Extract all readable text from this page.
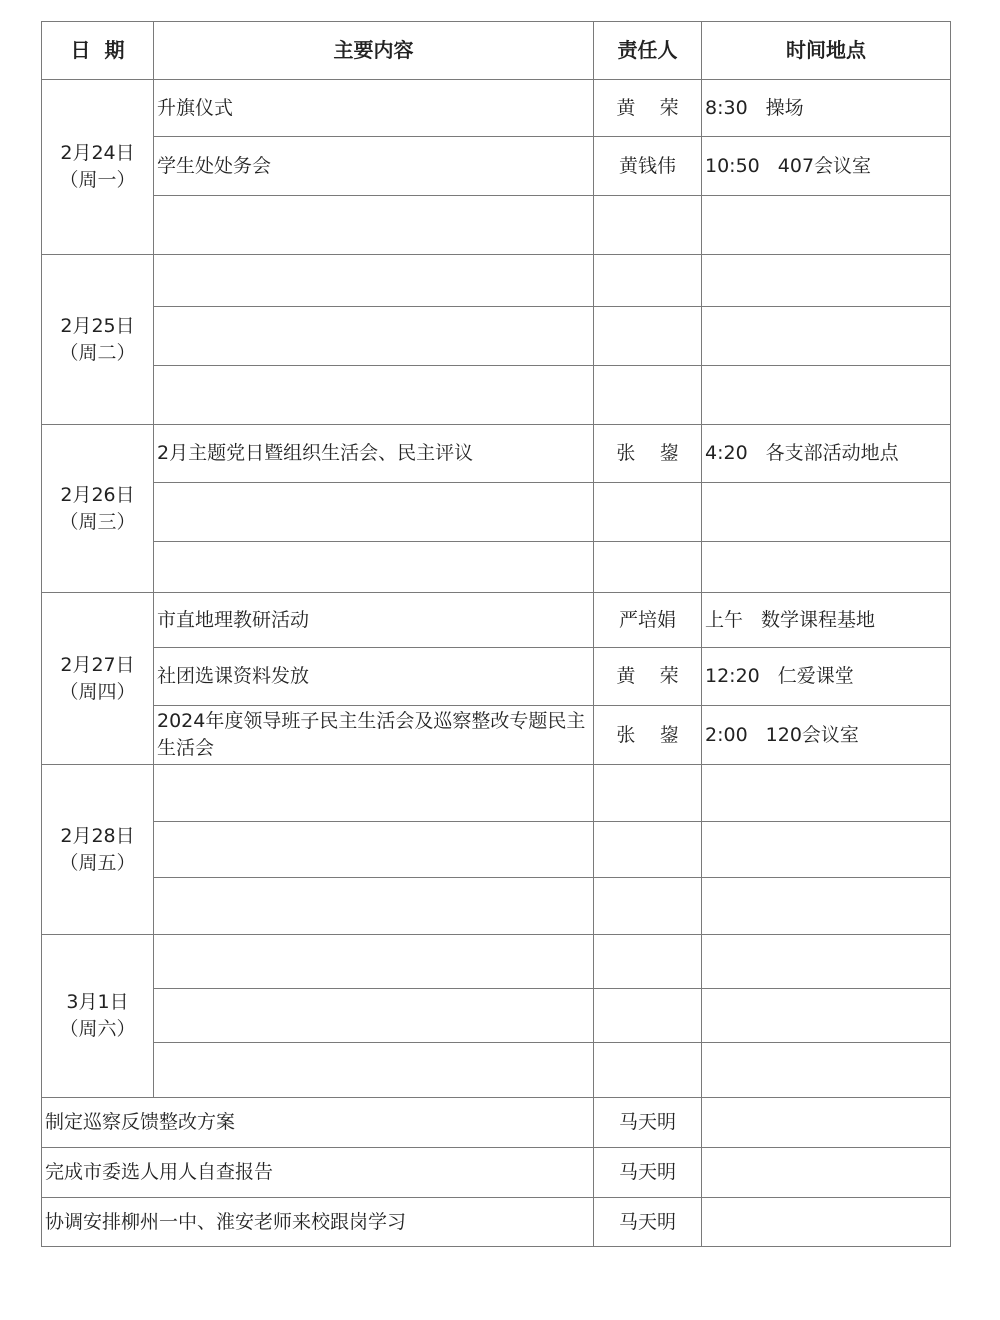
日  期	主要内容	责任人	时间地点

2月24日
（周一）	升旗仪式	黄    荣	8:30 操场
	学生处处务会	黄钱伟	10:50 407会议室

2月25日
（周二）			

2月26日
（周三）	2月主题党日暨组织生活会、民主评议	张    鋆	4:20 各支部活动地点

2月27日
（周四）	市直地理教研活动	严培娟	上午 数学课程基地
	社团选课资料发放	黄    荣	12:20 仁爱课堂
	2024年度领导班子民主生活会及巡察整改专题民主生活会	张    鋆	2:00 120会议室

2月28日
（周五）			

3月1日
（周六）			

制定巡察反馈整改方案		马天明	
完成市委选人用人自查报告		马天明	
协调安排柳州一中、淮安老师来校跟岗学习		马天明	
